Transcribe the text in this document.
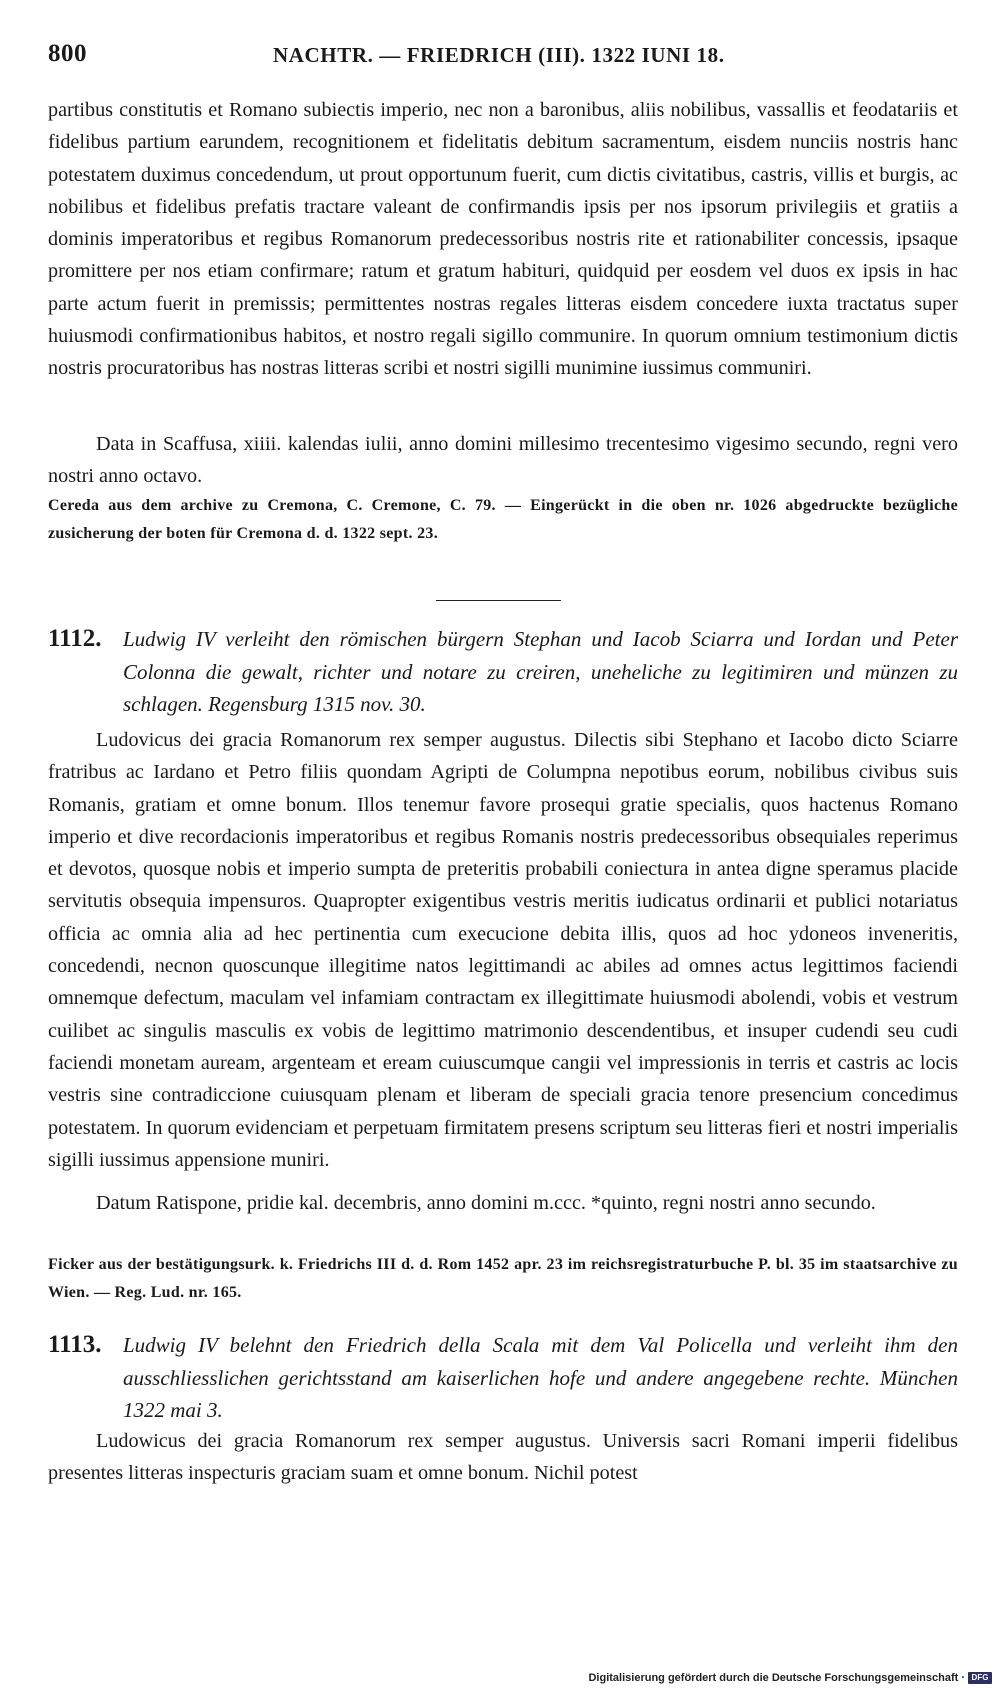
800	NACHTR. — FRIEDRICH (III). 1322 IUNI 18.

partibus constitutis et Romano subiectis imperio, nec non a baronibus, aliis nobilibus, vassallis et feodatariis et fidelibus partium earundem, recognitionem et fidelitatis debitum sacramentum, eisdem nunciis nostris hanc potestatem duximus concedendum, ut prout opportunum fuerit, cum dictis civitatibus, castris, villis et burgis, ac nobilibus et fidelibus prefatis tractare valeant de confirmandis ipsis per nos ipsorum privilegiis et gratiis a dominis imperatoribus et regibus Romanorum predecessoribus nostris rite et rationabiliter concessis, ipsaque promittere per nos etiam confirmare; ratum et gratum habituri, quidquid per eosdem vel duos ex ipsis in hac parte actum fuerit in premissis; permittentes nostras regales litteras eisdem concedere iuxta tractatus super huiusmodi confirmationibus habitos, et nostro regali sigillo communire. In quorum omnium testimonium dictis nostris procuratoribus has nostras litteras scribi et nostri sigilli munimine iussimus communiri.

Data in Scaffusa, xiiii. kalendas iulii, anno domini millesimo trecentesimo vigesimo secundo, regni vero nostri anno octavo.

Cereda aus dem archive zu Cremona, C. Cremone, C. 79. — Eingerückt in die oben nr. 1026 abgedruckte bezügliche zusicherung der boten für Cremona d. d. 1322 sept. 23.

1112.	Ludwig IV verleiht den römischen bürgern Stephan und Iacob Sciarra und Iordan und Peter Colonna die gewalt, richter und notare zu creiren, uneheliche zu legitimiren und münzen zu schlagen. Regensburg 1315 nov. 30.

Ludovicus dei gracia Romanorum rex semper augustus. Dilectis sibi Stephano et Iacobo dicto Sciarre fratribus ac Iardano et Petro filiis quondam Agripti de Columpna nepotibus eorum, nobilibus civibus suis Romanis, gratiam et omne bonum. Illos tenemur favore prosequi gratie specialis, quos hactenus Romano imperio et dive recordacionis imperatoribus et regibus Romanis nostris predecessoribus obsequiales reperimus et devotos, quosque nobis et imperio sumpta de preteritis probabili coniectura in antea digne speramus placide servitutis obsequia impensuros. Quapropter exigentibus vestris meritis iudicatus ordinarii et publici notariatus officia ac omnia alia ad hec pertinentia cum execucione debita illis, quos ad hoc ydoneos inveneritis, concedendi, necnon quoscunque illegitime natos legittimandi ac abiles ad omnes actus legittimos faciendi omnemque defectum, maculam vel infamiam contractam ex illegittimate huiusmodi abolendi, vobis et vestrum cuilibet ac singulis masculis ex vobis de legittimo matrimonio descendentibus, et insuper cudendi seu cudi faciendi monetam auream, argenteam et eream cuiuscumque cangii vel impressionis in terris et castris ac locis vestris sine contradiccione cuiusquam plenam et liberam de speciali gracia tenore presencium concedimus potestatem. In quorum evidenciam et perpetuam firmitatem presens scriptum seu litteras fieri et nostri imperialis sigilli iussimus appensione muniri.

Datum Ratispone, pridie kal. decembris, anno domini m.ccc. *quinto, regni nostri anno secundo.

Ficker aus der bestätigungsurk. k. Friedrichs III d. d. Rom 1452 apr. 23 im reichsregistraturbuche P. bl. 35 im staatsarchive zu Wien. — Reg. Lud. nr. 165.

1113.	Ludwig IV belehnt den Friedrich della Scala mit dem Val Policella und verleiht ihm den ausschliesslichen gerichtsstand am kaiserlichen hofe und andere angegebene rechte. München 1322 mai 3.

Ludowicus dei gracia Romanorum rex semper augustus. Universis sacri Romani imperii fidelibus presentes litteras inspecturis graciam suam et omne bonum. Nichil potest

Digitalisierung gefördert durch die Deutsche Forschungsgemeinschaft · DFG
